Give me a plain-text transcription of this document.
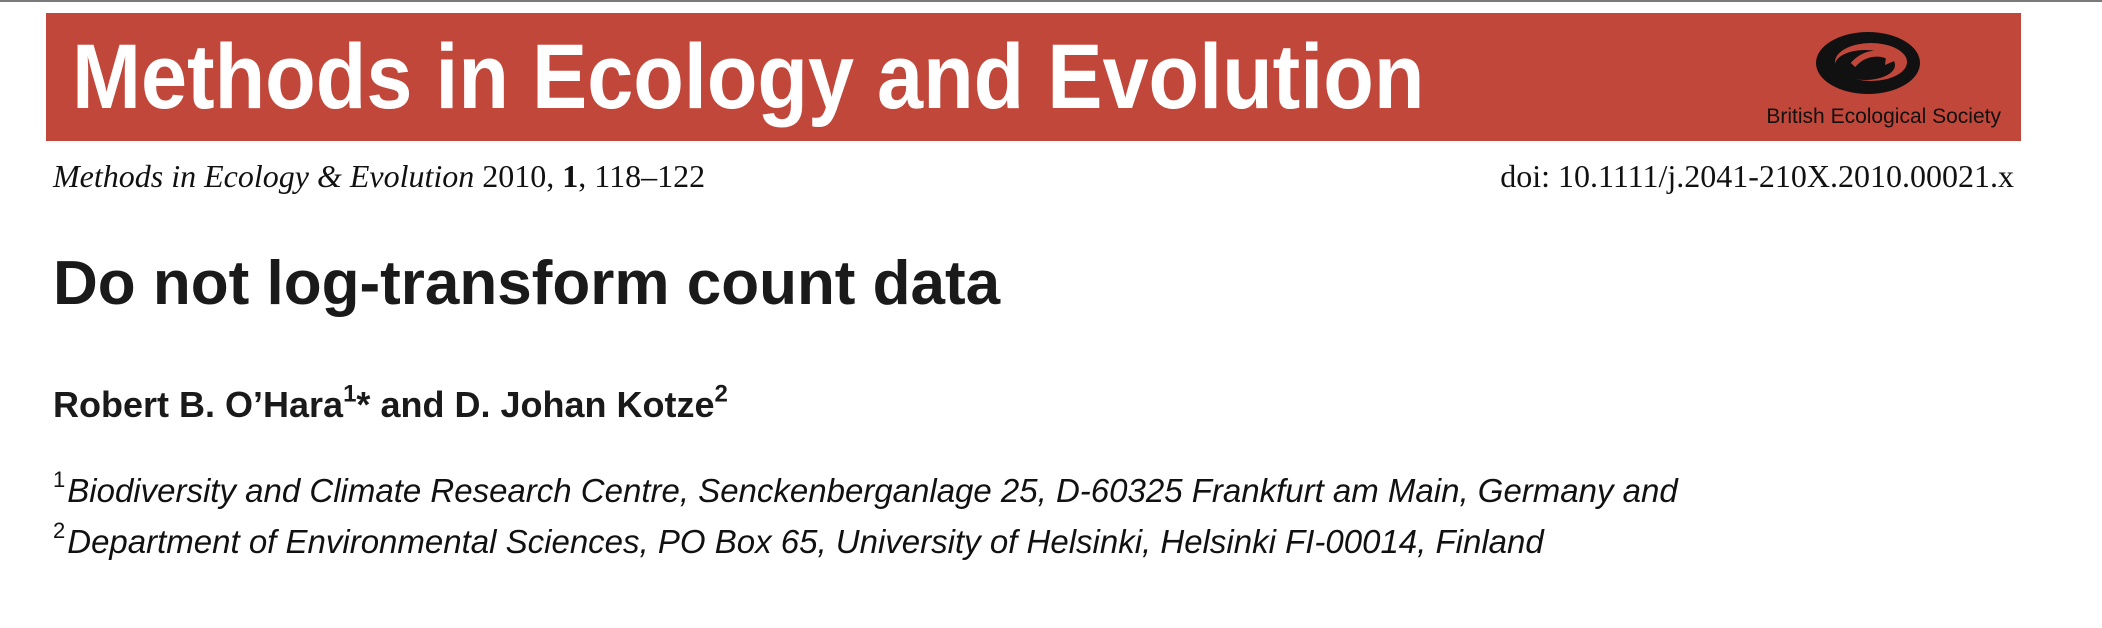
Methods in Ecology and Evolution	British Ecological Society
Methods in Ecology & Evolution 2010, 1, 118–122	doi: 10.1111/j.2041-210X.2010.00021.x
Do not log-transform count data
Robert B. O’Hara$^1$* and D. Johan Kotze$^2$
$^1$Biodiversity and Climate Research Centre, Senckenberganlage 25, D-60325 Frankfurt am Main, Germany and
$^2$Department of Environmental Sciences, PO Box 65, University of Helsinki, Helsinki FI-00014, Finland
